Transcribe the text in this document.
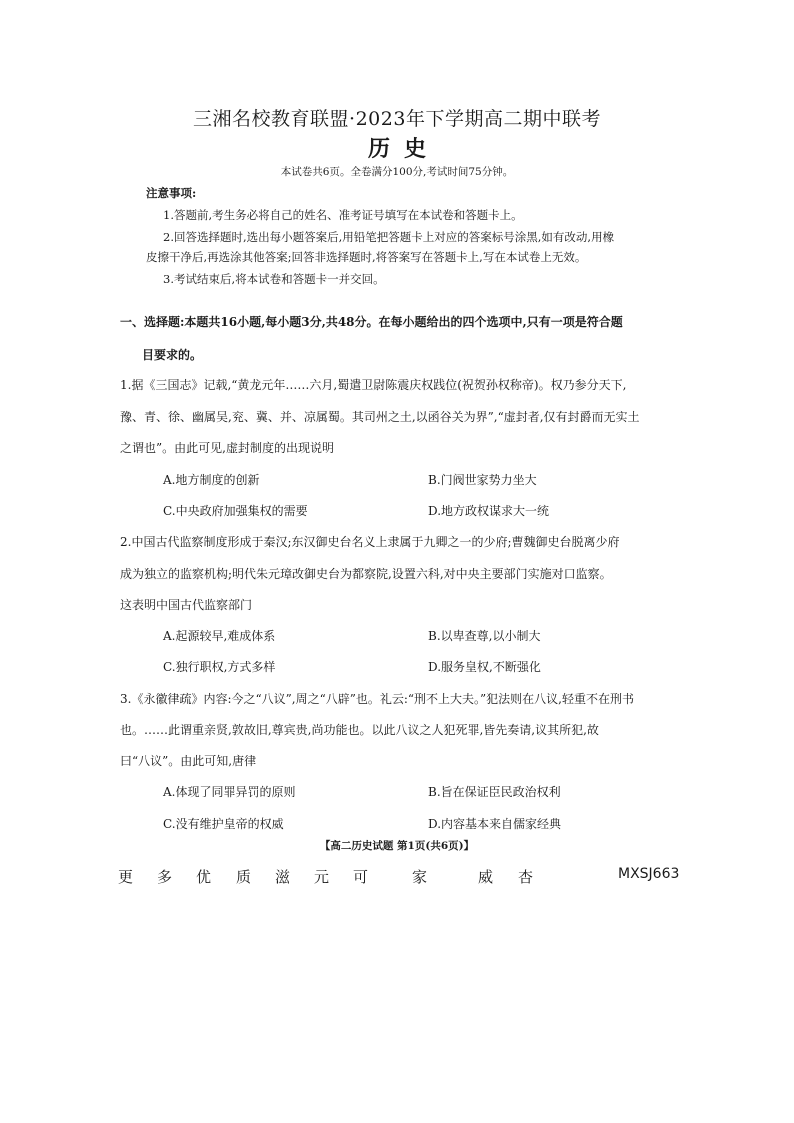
三湘名校教育联盟·2023年下学期高二期中联考
历史
本试卷共6页。全卷满分100分,考试时间75分钟。
注意事项:
1.答题前,考生务必将自己的姓名、准考证号填写在本试卷和答题卡上。
2.回答选择题时,选出每小题答案后,用铅笔把答题卡上对应的答案标号涂黑,如有改动,用橡
皮擦干净后,再选涂其他答案;回答非选择题时,将答案写在答题卡上,写在本试卷上无效。
3.考试结束后,将本试卷和答题卡一并交回。
一、选择题:本题共16小题,每小题3分,共48分。在每小题给出的四个选项中,只有一项是符合题
目要求的。
1.据《三国志》记载,“黄龙元年……六月,蜀遣卫尉陈震庆权践位(祝贺孙权称帝)。权乃参分天下,
豫、青、徐、幽属吴,兖、冀、并、凉属蜀。其司州之土,以函谷关为界”,“虚封者,仅有封爵而无实土
之谓也”。由此可见,虚封制度的出现说明
A.地方制度的创新	B.门阀世家势力坐大
C.中央政府加强集权的需要	D.地方政权谋求大一统
2.中国古代监察制度形成于秦汉;东汉御史台名义上隶属于九卿之一的少府;曹魏御史台脱离少府
成为独立的监察机构;明代朱元璋改御史台为都察院,设置六科,对中央主要部门实施对口监察。
这表明中国古代监察部门
A.起源较早,难成体系	B.以卑查尊,以小制大
C.独行职权,方式多样	D.服务皇权,不断强化
3.《永徽律疏》内容:今之“八议”,周之“八辟”也。礼云:“刑不上大夫。”犯法则在八议,轻重不在刑书
也。……此谓重亲贤,敦故旧,尊宾贵,尚功能也。以此八议之人犯死罪,皆先奏请,议其所犯,故
曰“八议”。由此可知,唐律
A.体现了同罪异罚的原则	B.旨在保证臣民政治权利
C.没有维护皇帝的权威	D.内容基本来自儒家经典
【高二历史试题 第1页(共6页)】
更 多 优 质 滋 元 可	家	威 杏	MXSJ663
